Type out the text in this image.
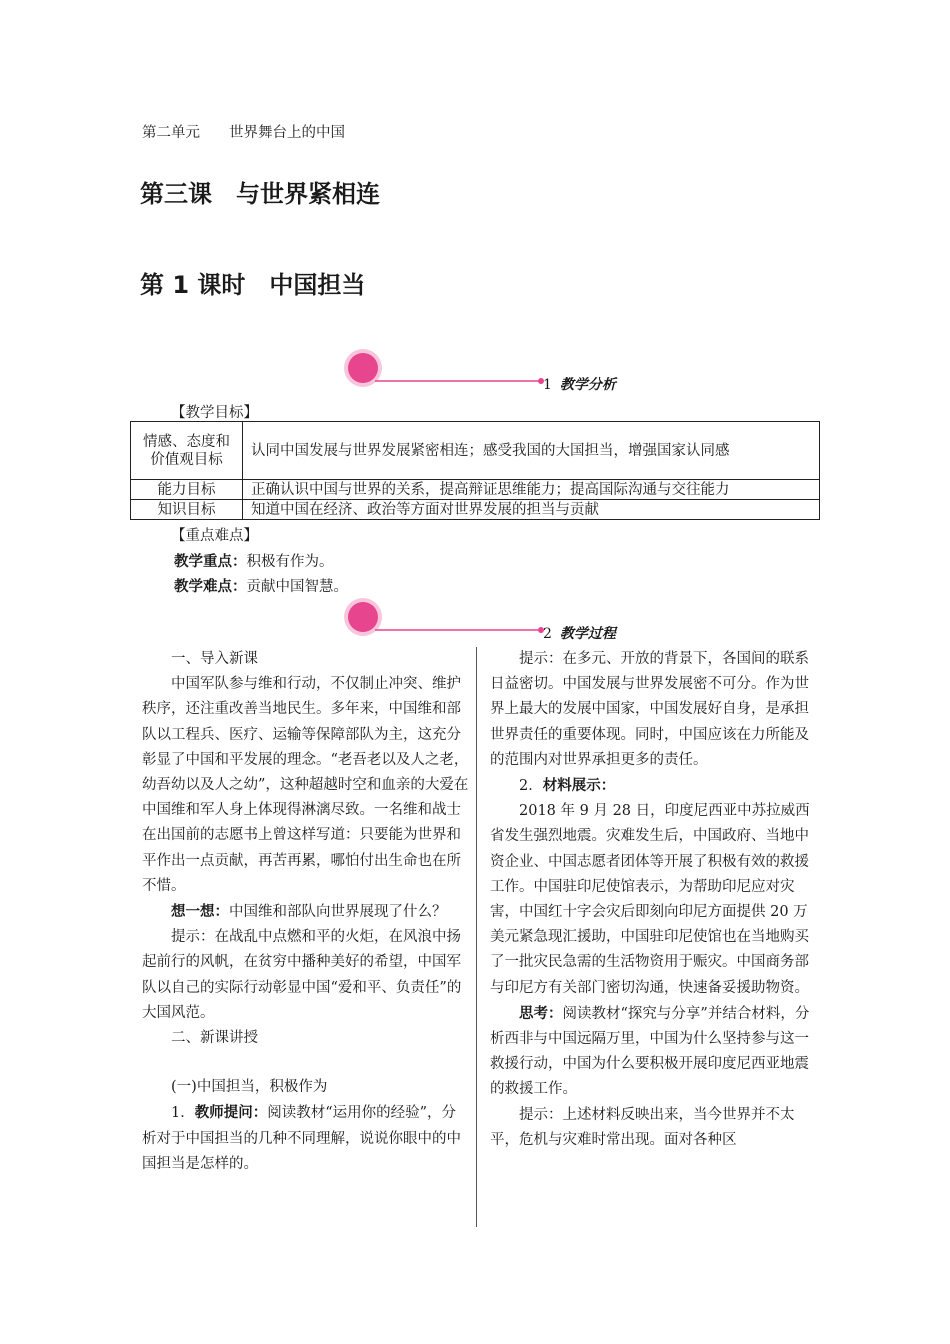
第二单元　　世界舞台上的中国
第三课　与世界紧相连
第 1 课时　中国担当
1 教学分析
【教学目标】
情感、态度和价值观目标	认同中国发展与世界发展紧密相连；感受我国的大国担当，增强国家认同感
能力目标	正确认识中国与世界的关系，提高辩证思维能力；提高国际沟通与交往能力
知识目标	知道中国在经济、政治等方面对世界发展的担当与贡献
【重点难点】
教学重点：积极有作为。
教学难点：贡献中国智慧。
2 教学过程

一、导入新课

中国军队参与维和行动，不仅制止冲突、维护秩序，还注重改善当地民生。多年来，中国维和部队以工程兵、医疗、运输等保障部队为主，这充分彰显了中国和平发展的理念。“老吾老以及人之老，幼吾幼以及人之幼”，这种超越时空和血亲的大爱在中国维和军人身上体现得淋漓尽致。一名维和战士在出国前的志愿书上曾这样写道：只要能为世界和平作出一点贡献，再苦再累，哪怕付出生命也在所不惜。

想一想：中国维和部队向世界展现了什么？

提示：在战乱中点燃和平的火炬，在风浪中扬起前行的风帆，在贫穷中播种美好的希望，中国军队以自己的实际行动彰显中国“爱和平、负责任”的大国风范。

二、新课讲授

(一)中国担当，积极作为

1．教师提问：阅读教材“运用你的经验”，分析对于中国担当的几种不同理解，说说你眼中的中国担当是怎样的。

提示：在多元、开放的背景下，各国间的联系日益密切。中国发展与世界发展密不可分。作为世界上最大的发展中国家，中国发展好自身，是承担世界责任的重要体现。同时，中国应该在力所能及的范围内对世界承担更多的责任。

2．材料展示：

2018 年 9 月 28 日，印度尼西亚中苏拉威西省发生强烈地震。灾难发生后，中国政府、当地中资企业、中国志愿者团体等开展了积极有效的救援工作。中国驻印尼使馆表示，为帮助印尼应对灾害，中国红十字会灾后即刻向印尼方面提供 20 万美元紧急现汇援助，中国驻印尼使馆也在当地购买了一批灾民急需的生活物资用于赈灾。中国商务部与印尼方有关部门密切沟通，快速备妥援助物资。

思考：阅读教材“探究与分享”并结合材料，分析西非与中国远隔万里，中国为什么坚持参与这一救援行动，中国为什么要积极开展印度尼西亚地震的救援工作。

提示：上述材料反映出来，当今世界并不太平，危机与灾难时常出现。面对各种区
